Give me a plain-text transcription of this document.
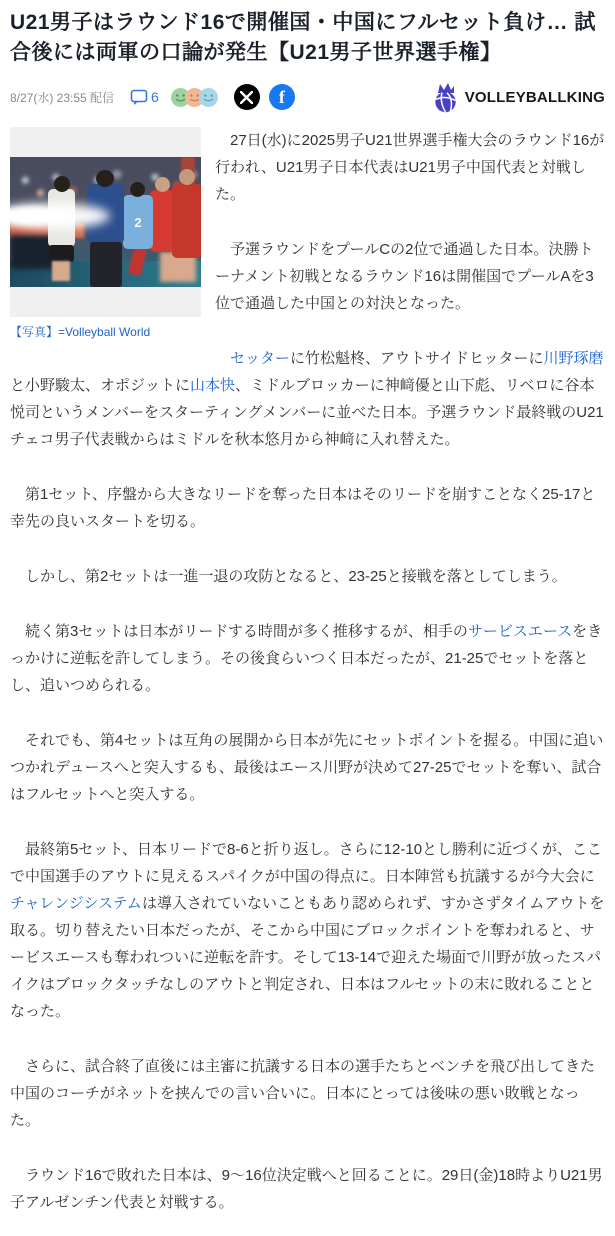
U21男子はラウンド16で開催国・中国にフルセット負け… 試合後には両軍の口論が発生【U21男子世界選手権】
8/27(水) 23:55 配信	6	f	VOLLEYBALLKING
2
【写真】=Volleyball World

　27日(水)に2025男子U21世界選手権大会のラウンド16が行われ、U21男子日本代表はU21男子中国代表と対戦した。

　予選ラウンドをプールCの2位で通過した日本。決勝トーナメント初戦となるラウンド16は開催国でプールAを3位で通過した中国との対決となった。

　セッターに竹松魁柊、アウトサイドヒッターに川野琢磨と小野駿太、オポジットに山本快、ミドルブロッカーに神﨑優と山下彪、リベロに谷本悦司というメンバーをスターティングメンバーに並べた日本。予選ラウンド最終戦のU21チェコ男子代表戦からはミドルを秋本悠月から神﨑に入れ替えた。

　第1セット、序盤から大きなリードを奪った日本はそのリードを崩すことなく25-17と幸先の良いスタートを切る。

　しかし、第2セットは一進一退の攻防となると、23-25と接戦を落としてしまう。

　続く第3セットは日本がリードする時間が多く推移するが、相手のサービスエースをきっかけに逆転を許してしまう。その後食らいつく日本だったが、21-25でセットを落とし、追いつめられる。

　それでも、第4セットは互角の展開から日本が先にセットポイントを握る。中国に追いつかれデュースへと突入するも、最後はエース川野が決めて27-25でセットを奪い、試合はフルセットへと突入する。

　最終第5セット、日本リードで8-6と折り返し。さらに12-10とし勝利に近づくが、ここで中国選手のアウトに見えるスパイクが中国の得点に。日本陣営も抗議するが今大会にチャレンジシステムは導入されていないこともあり認められず、すかさずタイムアウトを取る。切り替えたい日本だったが、そこから中国にブロックポイントを奪われると、サービスエースも奪われついに逆転を許す。そして13-14で迎えた場面で川野が放ったスパイクはブロックタッチなしのアウトと判定され、日本はフルセットの末に敗れることとなった。

　さらに、試合終了直後には主審に抗議する日本の選手たちとベンチを飛び出してきた中国のコーチがネットを挟んでの言い合いに。日本にとっては後味の悪い敗戦となった。

　ラウンド16で敗れた日本は、9～16位決定戦へと回ることに。29日(金)18時よりU21男子アルゼンチン代表と対戦する。
